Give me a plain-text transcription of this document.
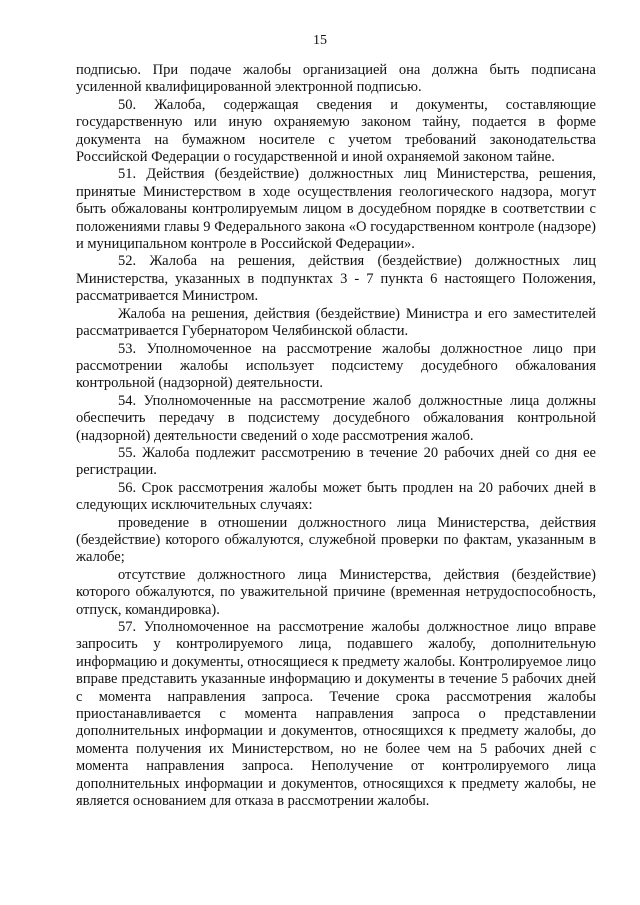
15

подписью. При подаче жалобы организацией она должна быть подписана усиленной квалифицированной электронной подписью.

50. Жалоба, содержащая сведения и документы, составляющие государственную или иную охраняемую законом тайну, подается в форме документа на бумажном носителе с учетом требований законодательства Российской Федерации о государственной и иной охраняемой законом тайне.

51. Действия (бездействие) должностных лиц Министерства, решения, принятые Министерством в ходе осуществления геологического надзора, могут быть обжалованы контролируемым лицом в досудебном порядке в соответствии с положениями главы 9 Федерального закона «О государственном контроле (надзоре) и муниципальном контроле в Российской Федерации».

52. Жалоба на решения, действия (бездействие) должностных лиц Министерства, указанных в подпунктах 3 - 7 пункта 6 настоящего Положения, рассматривается Министром.

Жалоба на решения, действия (бездействие) Министра и его заместителей рассматривается Губернатором Челябинской области.

53. Уполномоченное на рассмотрение жалобы должностное лицо при рассмотрении жалобы использует подсистему досудебного обжалования контрольной (надзорной) деятельности.

54. Уполномоченные на рассмотрение жалоб должностные лица должны обеспечить передачу в подсистему досудебного обжалования контрольной (надзорной) деятельности сведений о ходе рассмотрения жалоб.

55. Жалоба подлежит рассмотрению в течение 20 рабочих дней со дня ее регистрации.

56. Срок рассмотрения жалобы может быть продлен на 20 рабочих дней в следующих исключительных случаях:

проведение в отношении должностного лица Министерства, действия (бездействие) которого обжалуются, служебной проверки по фактам, указанным в жалобе;

отсутствие должностного лица Министерства, действия (бездействие) которого обжалуются, по уважительной причине (временная нетрудоспособность, отпуск, командировка).

57. Уполномоченное на рассмотрение жалобы должностное лицо вправе запросить у контролируемого лица, подавшего жалобу, дополнительную информацию и документы, относящиеся к предмету жалобы. Контролируемое лицо вправе представить указанные информацию и документы в течение 5 рабочих дней с момента направления запроса. Течение срока рассмотрения жалобы приостанавливается с момента направления запроса о представлении дополнительных информации и документов, относящихся к предмету жалобы, до момента получения их Министерством, но не более чем на 5 рабочих дней с момента направления запроса. Неполучение от контролируемого лица дополнительных информации и документов, относящихся к предмету жалобы, не является основанием для отказа в рассмотрении жалобы.
